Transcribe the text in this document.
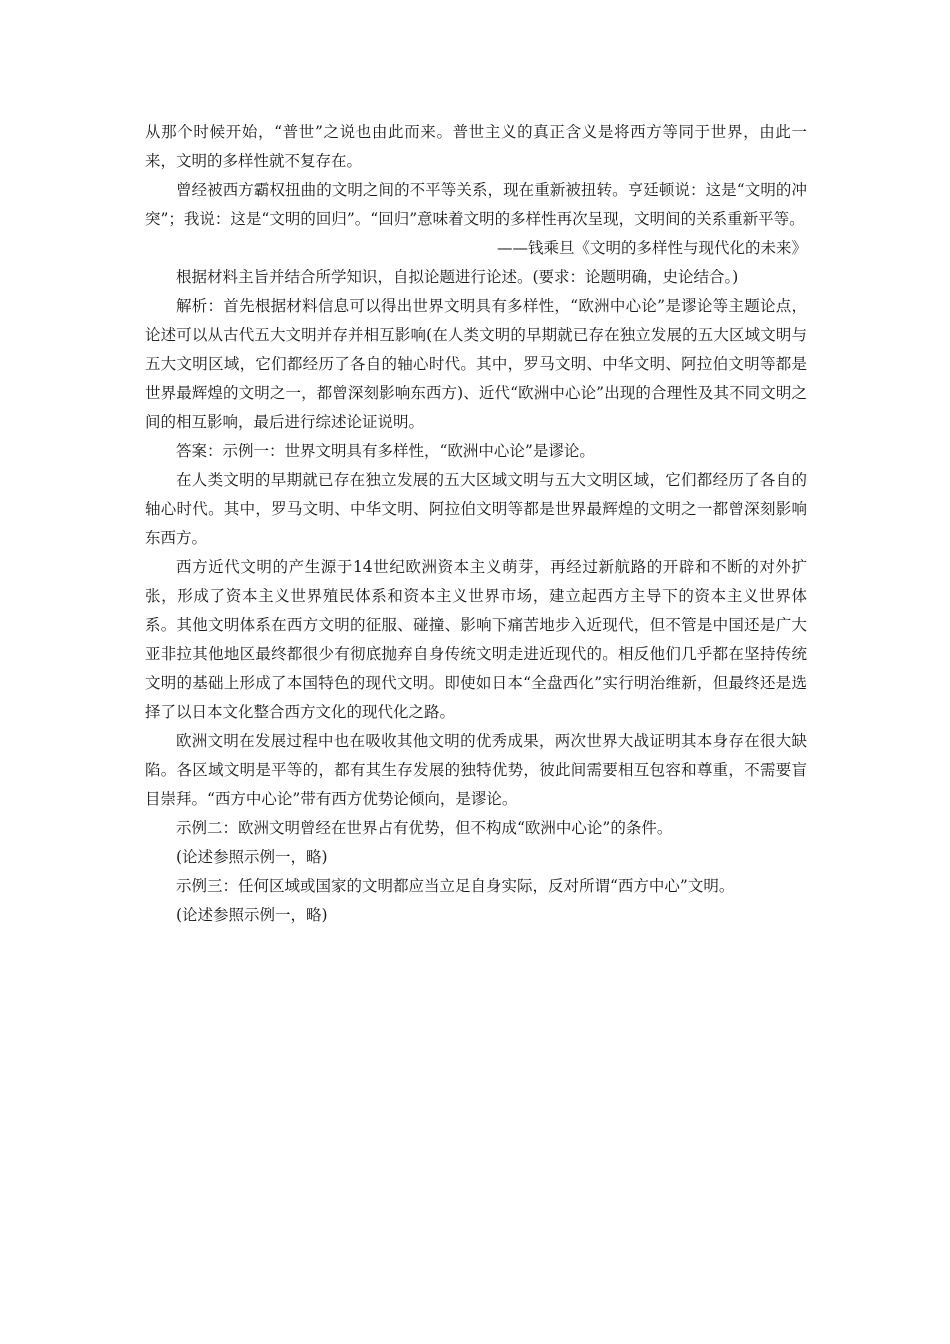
从那个时候开始，“普世”之说也由此而来。普世主义的真正含义是将西方等同于世界，由此一来，文明的多样性就不复存在。

曾经被西方霸权扭曲的文明之间的不平等关系，现在重新被扭转。亨廷顿说：这是“文明的冲突”；我说：这是“文明的回归”。“回归”意味着文明的多样性再次呈现，文明间的关系重新平等。

——钱乘旦《文明的多样性与现代化的未来》

根据材料主旨并结合所学知识，自拟论题进行论述。(要求：论题明确，史论结合。)

解析：首先根据材料信息可以得出世界文明具有多样性，“欧洲中心论”是谬论等主题论点，论述可以从古代五大文明并存并相互影响(在人类文明的早期就已存在独立发展的五大区域文明与五大文明区域，它们都经历了各自的轴心时代。其中，罗马文明、中华文明、阿拉伯文明等都是世界最辉煌的文明之一，都曾深刻影响东西方)、近代“欧洲中心论”出现的合理性及其不同文明之间的相互影响，最后进行综述论证说明。

答案：示例一：世界文明具有多样性，“欧洲中心论”是谬论。

在人类文明的早期就已存在独立发展的五大区域文明与五大文明区域，它们都经历了各自的轴心时代。其中，罗马文明、中华文明、阿拉伯文明等都是世界最辉煌的文明之一都曾深刻影响东西方。

西方近代文明的产生源于14世纪欧洲资本主义萌芽，再经过新航路的开辟和不断的对外扩张，形成了资本主义世界殖民体系和资本主义世界市场，建立起西方主导下的资本主义世界体系。其他文明体系在西方文明的征服、碰撞、影响下痛苦地步入近现代，但不管是中国还是广大亚非拉其他地区最终都很少有彻底抛弃自身传统文明走进近现代的。相反他们几乎都在坚持传统文明的基础上形成了本国特色的现代文明。即使如日本“全盘西化”实行明治维新，但最终还是选择了以日本文化整合西方文化的现代化之路。

欧洲文明在发展过程中也在吸收其他文明的优秀成果，两次世界大战证明其本身存在很大缺陷。各区域文明是平等的，都有其生存发展的独特优势，彼此间需要相互包容和尊重，不需要盲目崇拜。“西方中心论”带有西方优势论倾向，是谬论。

示例二：欧洲文明曾经在世界占有优势，但不构成“欧洲中心论”的条件。

(论述参照示例一，略)

示例三：任何区域或国家的文明都应当立足自身实际，反对所谓“西方中心”文明。

(论述参照示例一，略)
